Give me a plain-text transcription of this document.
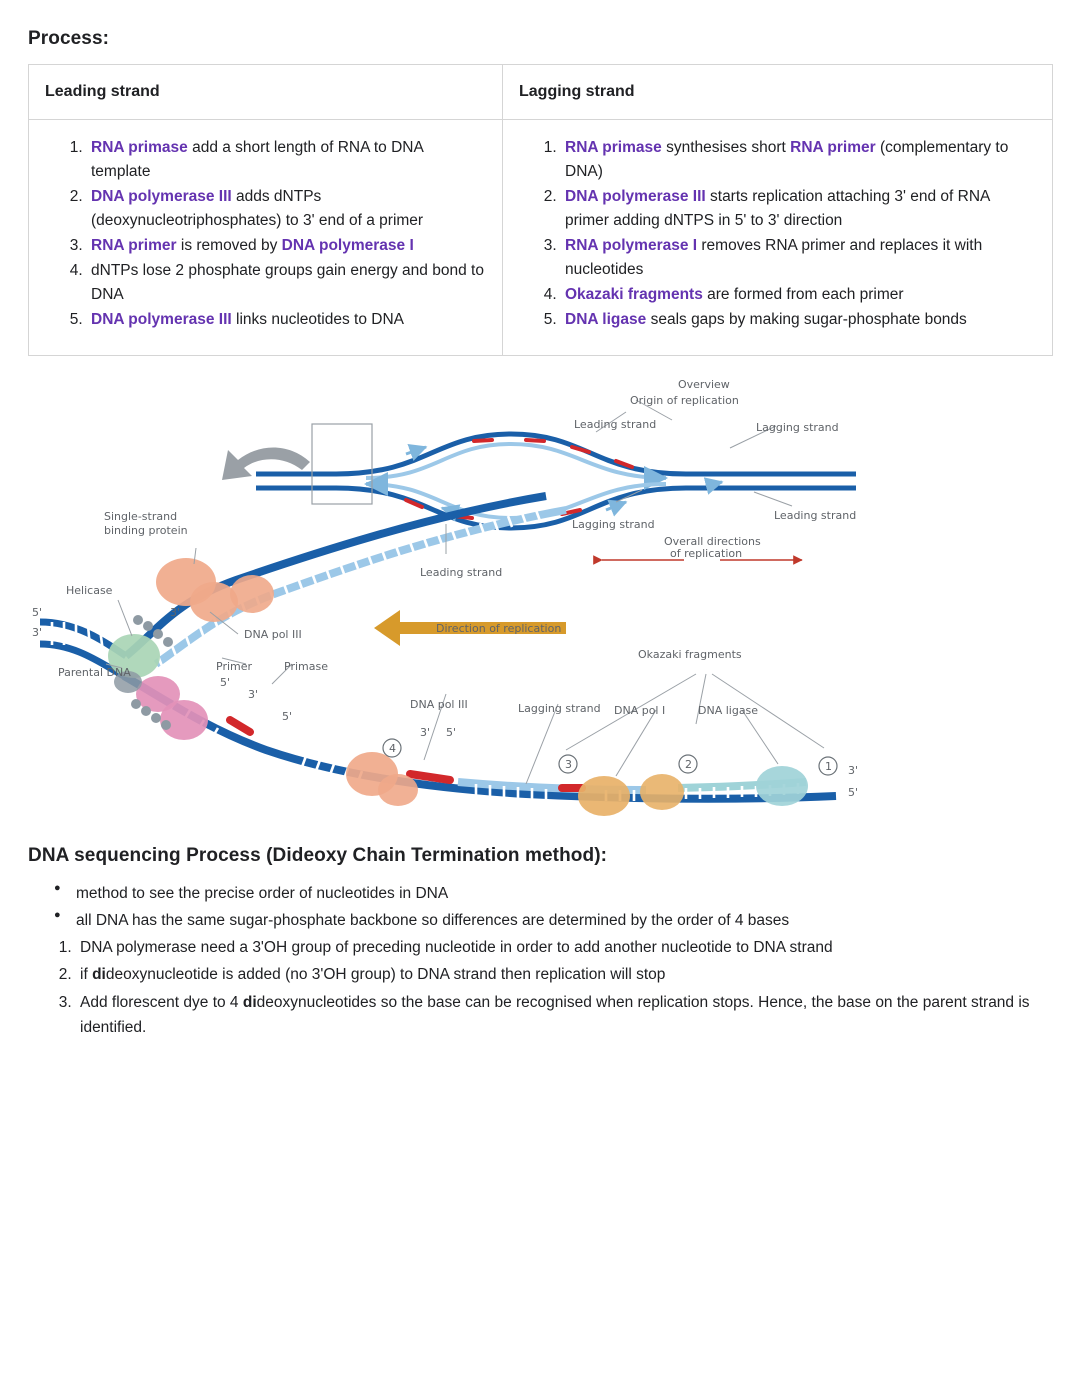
Process:
Leading strand	Lagging strand

1. RNA primase add a short length of RNA to DNA template
2. DNA polymerase III adds dNTPs (deoxynucleotriphosphates) to 3' end of a primer
3. RNA primer is removed by DNA polymerase I
4. dNTPs lose 2 phosphate groups gain energy and bond to DNA
5. DNA polymerase III links nucleotides to DNA

1. RNA primase synthesises short RNA primer (complementary to DNA)
2. DNA polymerase III starts replication attaching 3' end of RNA primer adding dNTPS in 5' to 3' direction
3. RNA polymerase I removes RNA primer and replaces it with nucleotides
4. Okazaki fragments are formed from each primer
5. DNA ligase seals gaps by making sugar-phosphate bonds
Overview
Origin of replication
Leading strand	Lagging strand
Lagging strand
Leading strand
Overall directions
of replication
Direction of replication
4
3	2	1
Single-strand
binding protein
Helicase
Parental DNA
DNA pol III
Primer	Primase
Leading strand
DNA pol III	Lagging strand
Okazaki fragments
DNA pol I	DNA ligase
5'
3'
3'
5'
3'
5'
3' 5'
3'
5'
DNA sequencing Process (Dideoxy Chain Termination method):
● method to see the precise order of nucleotides in DNA
● all DNA has the same sugar-phosphate backbone so differences are determined by the order of 4 bases
1. DNA polymerase need a 3'OH group of preceding nucleotide in order to add another nucleotide to DNA strand
2. if dideoxynucleotide is added (no 3'OH group) to DNA strand then replication will stop
3. Add florescent dye to 4 dideoxynucleotides so the base can be recognised when replication stops. Hence, the base on the parent strand is identified.
